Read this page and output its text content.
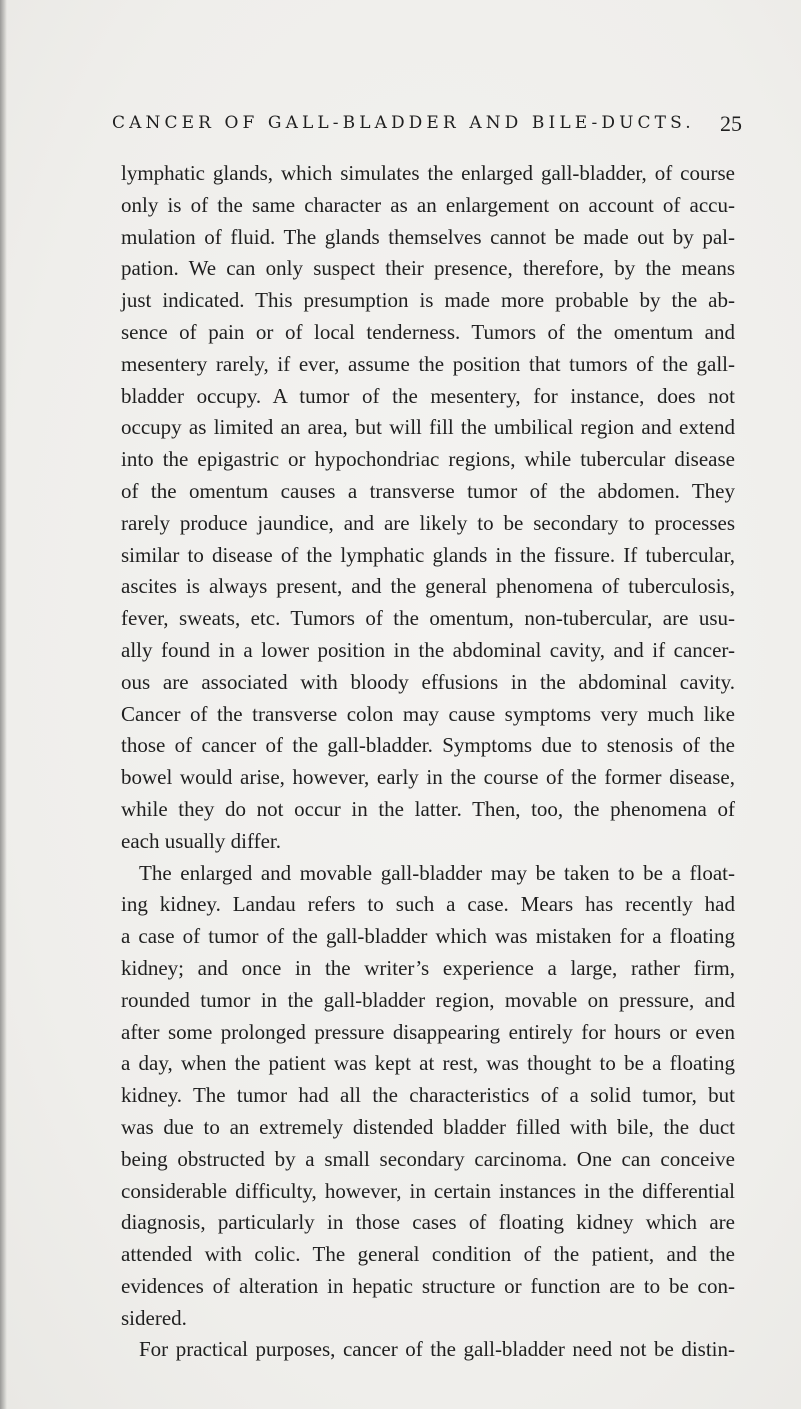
CANCER OF GALL-BLADDER AND BILE-DUCTS. 25
lymphatic glands, which simulates the enlarged gall-bladder, of course
only is of the same character as an enlargement on account of accu-
mulation of fluid. The glands themselves cannot be made out by pal-
pation. We can only suspect their presence, therefore, by the means
just indicated. This presumption is made more probable by the ab-
sence of pain or of local tenderness. Tumors of the omentum and
mesentery rarely, if ever, assume the position that tumors of the gall-
bladder occupy. A tumor of the mesentery, for instance, does not
occupy as limited an area, but will fill the umbilical region and extend
into the epigastric or hypochondriac regions, while tubercular disease
of the omentum causes a transverse tumor of the abdomen. They
rarely produce jaundice, and are likely to be secondary to processes
similar to disease of the lymphatic glands in the fissure. If tubercular,
ascites is always present, and the general phenomena of tuberculosis,
fever, sweats, etc. Tumors of the omentum, non-tubercular, are usu-
ally found in a lower position in the abdominal cavity, and if cancer-
ous are associated with bloody effusions in the abdominal cavity.
Cancer of the transverse colon may cause symptoms very much like
those of cancer of the gall-bladder. Symptoms due to stenosis of the
bowel would arise, however, early in the course of the former disease,
while they do not occur in the latter. Then, too, the phenomena of
each usually differ.
The enlarged and movable gall-bladder may be taken to be a float-
ing kidney. Landau refers to such a case. Mears has recently had
a case of tumor of the gall-bladder which was mistaken for a floating
kidney; and once in the writer’s experience a large, rather firm,
rounded tumor in the gall-bladder region, movable on pressure, and
after some prolonged pressure disappearing entirely for hours or even
a day, when the patient was kept at rest, was thought to be a floating
kidney. The tumor had all the characteristics of a solid tumor, but
was due to an extremely distended bladder filled with bile, the duct
being obstructed by a small secondary carcinoma. One can conceive
considerable difficulty, however, in certain instances in the differential
diagnosis, particularly in those cases of floating kidney which are
attended with colic. The general condition of the patient, and the
evidences of alteration in hepatic structure or function are to be con-
sidered.
For practical purposes, cancer of the gall-bladder need not be distin-
